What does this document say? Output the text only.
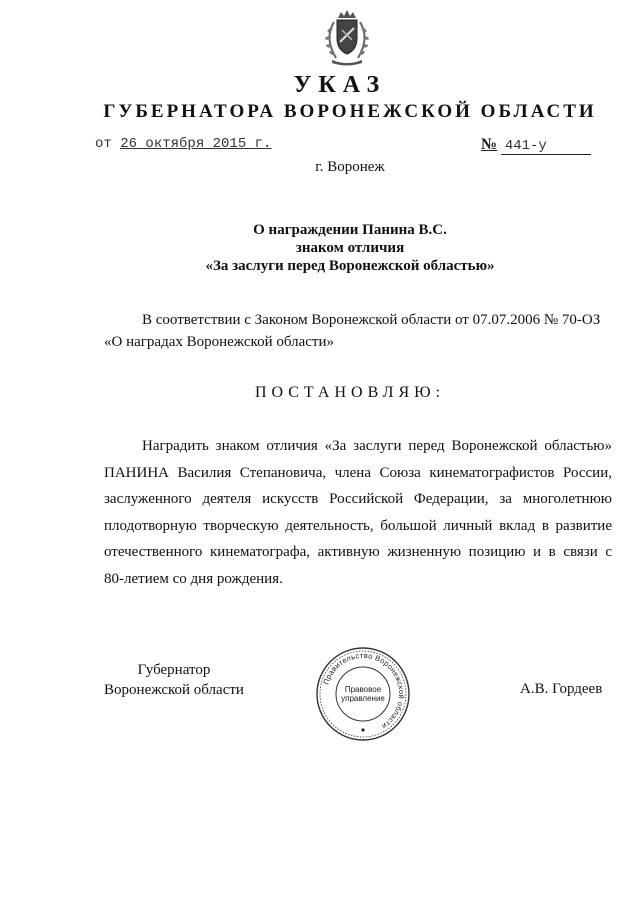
УКАЗ
ГУБЕРНАТОРА ВОРОНЕЖСКОЙ ОБЛАСТИ
от 26 октября 2015 г.	№ 441-у
г. Воронеж
О награждении Панина В.С.
знаком отличия
«За заслуги перед Воронежской областью»
В соответствии с Законом Воронежской области от 07.07.2006 № 70-ОЗ
«О наградах Воронежской области»
ПОСТАНОВЛЯЮ:
Наградить знаком отличия «За заслуги перед Воронежской областью»
ПАНИНА Василия Степановича, члена Союза кинематографистов России,
заслуженного деятеля искусств Российской Федерации, за многолетнюю
плодотворную творческую деятельность, большой личный вклад в развитие
отечественного кинематографа, активную жизненную позицию и в связи с
80-летием со дня рождения.
Губернатор
Воронежской области
Правительство Воронежской области
Правовое
управление
А.В. Гордеев
